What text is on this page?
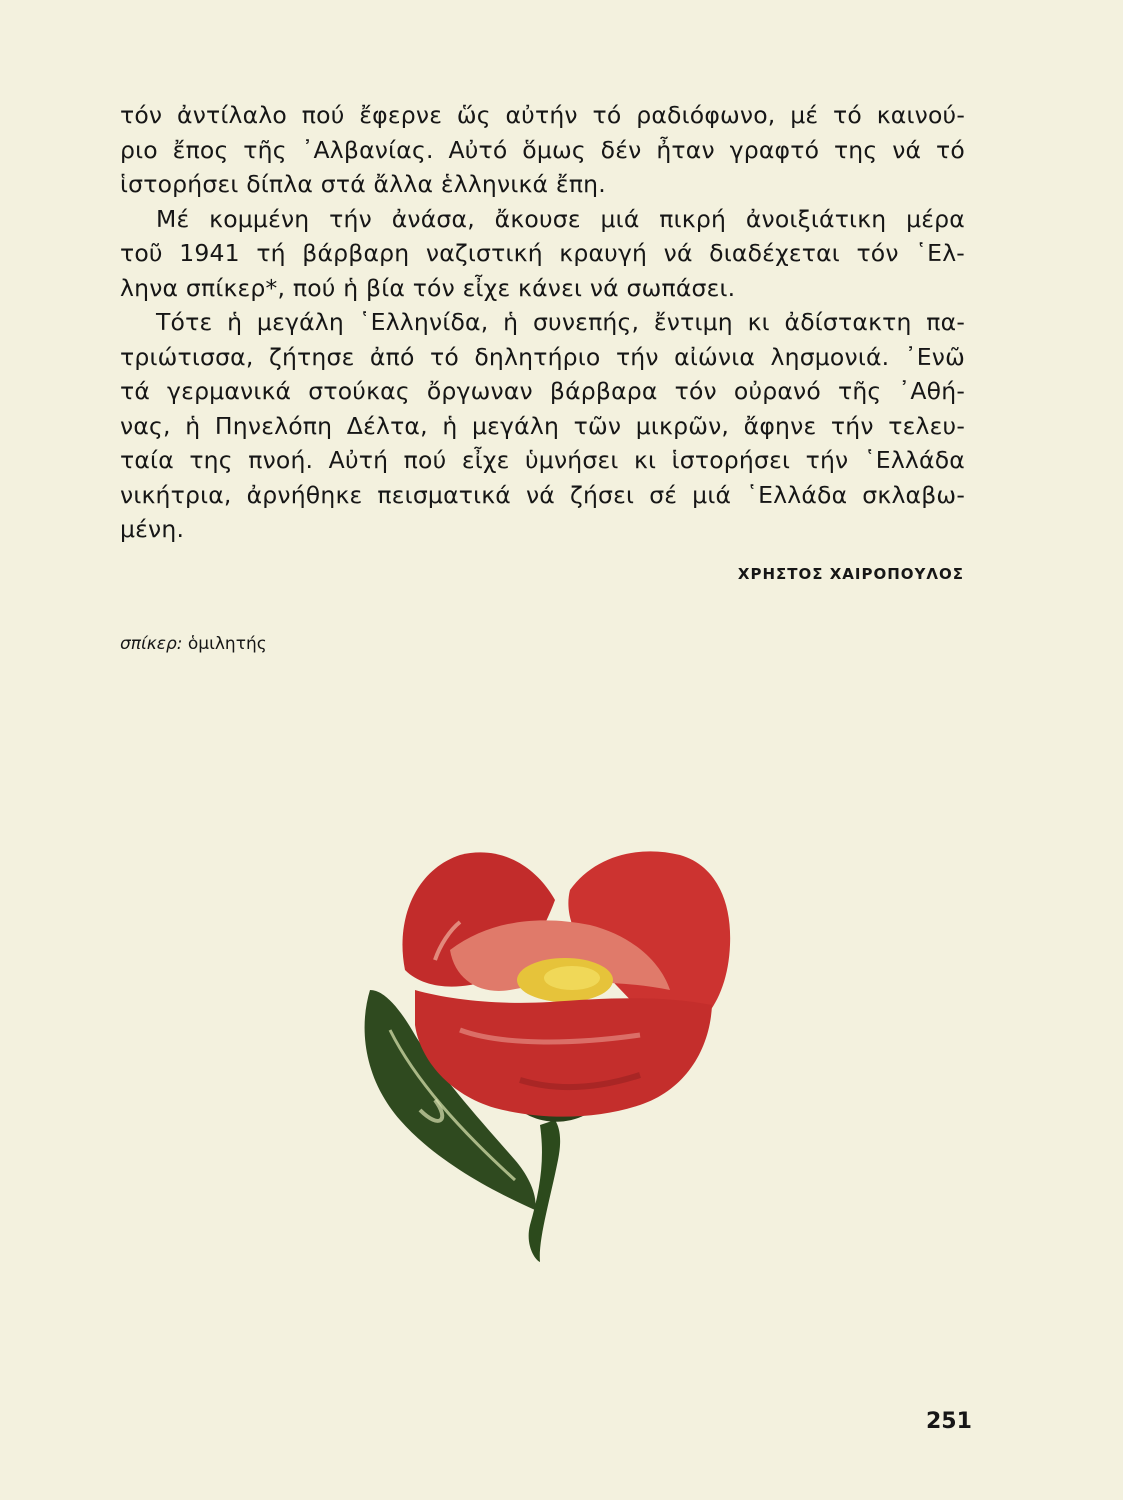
τόν ἀντίλαλο πού ἔφερνε ὥς αὐτήν τό ραδιόφωνο, μέ τό καινού-
ριο ἔπος τῆς ᾿Αλβανίας. Αὐτό ὅμως δέν ἦταν γραφτό της νά τό
ἱστορήσει δίπλα στά ἄλλα ἑλληνικά ἔπη.
Μέ κομμένη τήν ἀνάσα, ἄκουσε μιά πικρή ἀνοιξιάτικη μέρα
τοῦ 1941 τή βάρβαρη ναζιστική κραυγή νά διαδέχεται τόν ῾Ελ-
ληνα σπίκερ*, πού ἡ βία τόν εἶχε κάνει νά σωπάσει.
Τότε ἡ μεγάλη ῾Ελληνίδα, ἡ συνεπής, ἔντιμη κι ἀδίστακτη πα-
τριώτισσα, ζήτησε ἀπό τό δηλητήριο τήν αἰώνια λησμονιά. ᾿Ενῶ
τά γερμανικά στούκας ὄργωναν βάρβαρα τόν οὐρανό τῆς ᾿Αθή-
νας, ἡ Πηνελόπη Δέλτα, ἡ μεγάλη τῶν μικρῶν, ἄφηνε τήν τελευ-
ταία της πνοή. Αὐτή πού εἶχε ὑμνήσει κι ἱστορήσει τήν ῾Ελλάδα
νικήτρια, ἀρνήθηκε πεισματικά νά ζήσει σέ μιά ῾Ελλάδα σκλαβω-
μένη.
ΧΡΗΣΤΟΣ ΧΑΙΡΟΠΟΥΛΟΣ
σπίκερ: ὁμιλητής
251
